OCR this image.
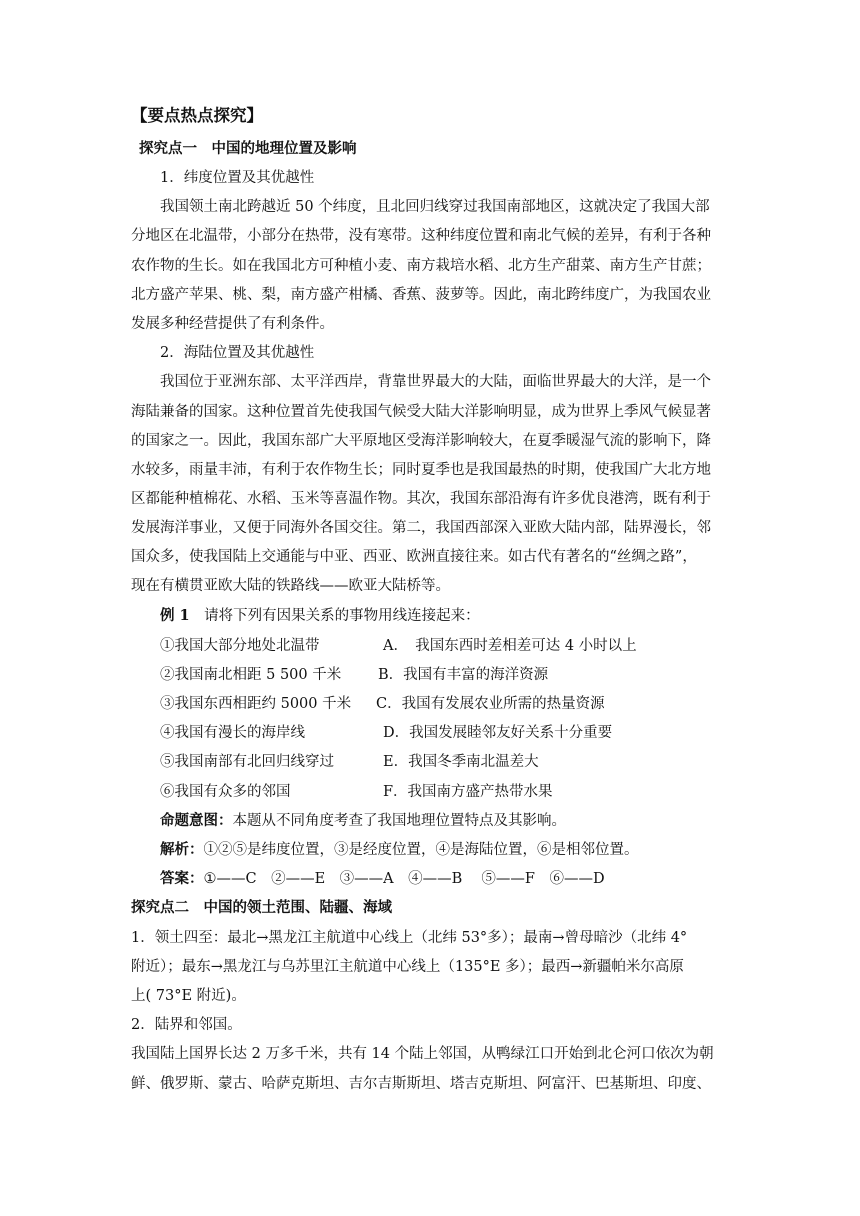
【要点热点探究】
探究点一　中国的地理位置及影响
1．纬度位置及其优越性
我国领土南北跨越近 50 个纬度，且北回归线穿过我国南部地区，这就决定了我国大部
分地区在北温带，小部分在热带，没有寒带。这种纬度位置和南北气候的差异，有利于各种
农作物的生长。如在我国北方可种植小麦、南方栽培水稻、北方生产甜菜、南方生产甘蔗；
北方盛产苹果、桃、梨，南方盛产柑橘、香蕉、菠萝等。因此，南北跨纬度广，为我国农业
发展多种经营提供了有利条件。
2．海陆位置及其优越性
我国位于亚洲东部、太平洋西岸，背靠世界最大的大陆，面临世界最大的大洋，是一个
海陆兼备的国家。这种位置首先使我国气候受大陆大洋影响明显，成为世界上季风气候显著
的国家之一。因此，我国东部广大平原地区受海洋影响较大，在夏季暖湿气流的影响下，降
水较多，雨量丰沛，有利于农作物生长；同时夏季也是我国最热的时期，使我国广大北方地
区都能种植棉花、水稻、玉米等喜温作物。其次，我国东部沿海有许多优良港湾，既有利于
发展海洋事业，又便于同海外各国交往。第二，我国西部深入亚欧大陆内部，陆界漫长，邻
国众多，使我国陆上交通能与中亚、西亚、欧洲直接往来。如古代有著名的“丝绸之路”，
现在有横贯亚欧大陆的铁路线——欧亚大陆桥等。
例 1　 请将下列有因果关系的事物用线连接起来：
①我国大部分地处北温带	A．　我国东西时差相差可达 4 小时以上
②我国南北相距 5 500 千米	B．我国有丰富的海洋资源
③我国东西相距约 5000 千米 C．我国有发展农业所需的热量资源
④我国有漫长的海岸线	D．我国发展睦邻友好关系十分重要
⑤我国南部有北回归线穿过	E．我国冬季南北温差大
⑥我国有众多的邻国	F．我国南方盛产热带水果
命题意图：本题从不同角度考查了我国地理位置特点及其影响。
解析：①②⑤是纬度位置，③是经度位置，④是海陆位置，⑥是相邻位置。
答案：①——C　②——E　③——A　④——B　 ⑤——F　⑥——D
探究点二　中国的领土范围、陆疆、海域
1．领土四至：最北→黑龙江主航道中心线上（北纬 53°多）；最南→曾母暗沙（北纬 4°
附近）；最东→黑龙江与乌苏里江主航道中心线上（135°E 多）；最西→新疆帕米尔高原
上( 73°E 附近)。
2．陆界和邻国。
我国陆上国界长达 2 万多千米，共有 14 个陆上邻国，从鸭绿江口开始到北仑河口依次为朝
鲜、俄罗斯、蒙古、哈萨克斯坦、吉尔吉斯斯坦、塔吉克斯坦、阿富汗、巴基斯坦、印度、
